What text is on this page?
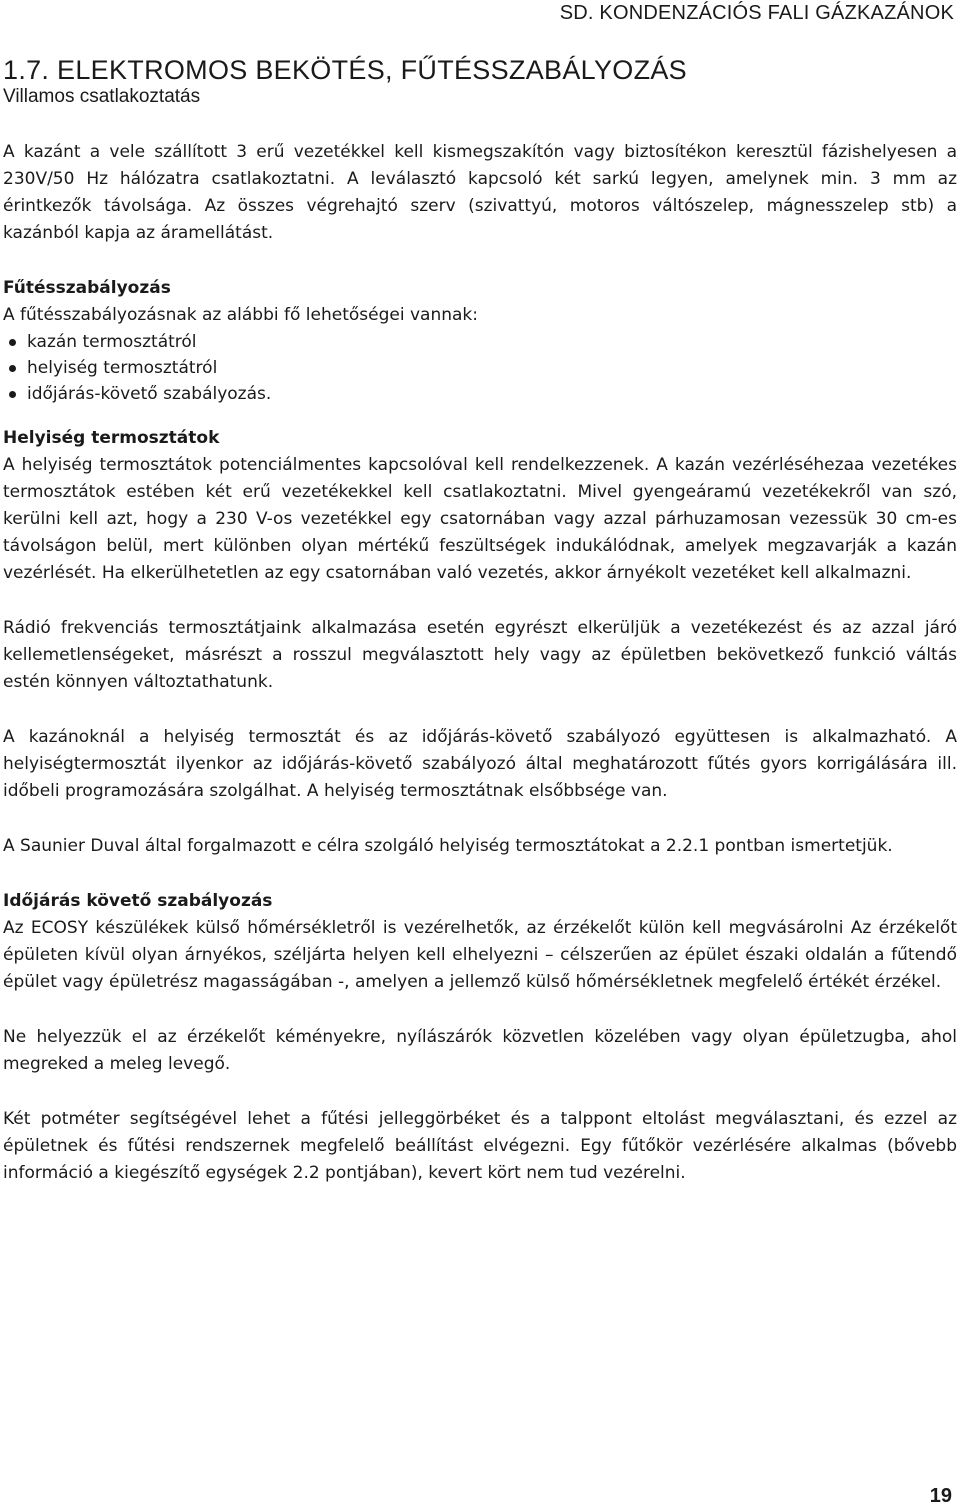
SD. KONDENZÁCIÓS FALI GÁZKAZÁNOK
1.7. ELEKTROMOS BEKÖTÉS, FŰTÉSSZABÁLYOZÁS
Villamos csatlakoztatás

A kazánt a vele szállított 3 erű vezetékkel kell kismegszakítón vagy biztosítékon keresztül fázishelyesen a 230V/50 Hz hálózatra csatlakoztatni. A leválasztó kapcsoló két sarkú legyen, amelynek min. 3 mm az érintkezők távolsága. Az összes végrehajtó szerv (szivattyú, motoros váltószelep, mágnesszelep stb) a kazánból kapja az áramellátást.

Fűtésszabályozás

A fűtésszabályozásnak az alábbi fő lehetőségei vannak:

kazán termosztátról
helyiség termosztátról
időjárás-követő szabályozás.
Helyiség termosztátok

A helyiség termosztátok potenciálmentes kapcsolóval kell rendelkezzenek. A kazán vezérléséhezaa vezetékes termosztátok estében két erű vezetékekkel kell csatlakoztatni. Mivel gyengeáramú vezetékekről van szó, kerülni kell azt, hogy a 230 V-os vezetékkel egy csatornában vagy azzal párhuzamosan vezessük 30 cm-es távolságon belül, mert különben olyan mértékű feszültségek indukálódnak, amelyek megzavarják a kazán vezérlését. Ha elkerülhetetlen az egy csatornában való vezetés, akkor árnyékolt vezetéket kell alkalmazni.

Rádió frekvenciás termosztátjaink alkalmazása esetén egyrészt elkerüljük a vezetékezést és az azzal járó kellemetlenségeket, másrészt a rosszul megválasztott hely vagy az épületben bekövetkező funkció váltás estén könnyen változtathatunk.

A kazánoknál a helyiség termosztát és az időjárás-követő szabályozó együttesen is alkalmazható. A helyiségtermosztát ilyenkor az időjárás-követő szabályozó által meghatározott fűtés gyors korrigálására ill. időbeli programozására szolgálhat. A helyiség termosztátnak elsőbbsége van.

A Saunier Duval által forgalmazott e célra szolgáló helyiség termosztátokat a 2.2.1 pontban ismertetjük.

Időjárás követő szabályozás

Az ECOSY készülékek külső hőmérsékletről is vezérelhetők, az érzékelőt külön kell megvásárolni Az érzékelőt épületen kívül olyan árnyékos, széljárta helyen kell elhelyezni – célszerűen az épület északi oldalán a fűtendő épület vagy épületrész magasságában -, amelyen a jellemző külső hőmérsékletnek megfelelő értékét érzékel.

Ne helyezzük el az érzékelőt kéményekre, nyílászárók közvetlen közelében vagy olyan épületzugba, ahol megreked a meleg levegő.

Két potméter segítségével lehet a fűtési jelleggörbéket és a talppont eltolást megválasztani, és ezzel az épületnek és fűtési rendszernek megfelelő beállítást elvégezni. Egy fűtőkör vezérlésére alkalmas (bővebb információ a kiegészítő egységek 2.2 pontjában), kevert kört nem tud vezérelni.

19
